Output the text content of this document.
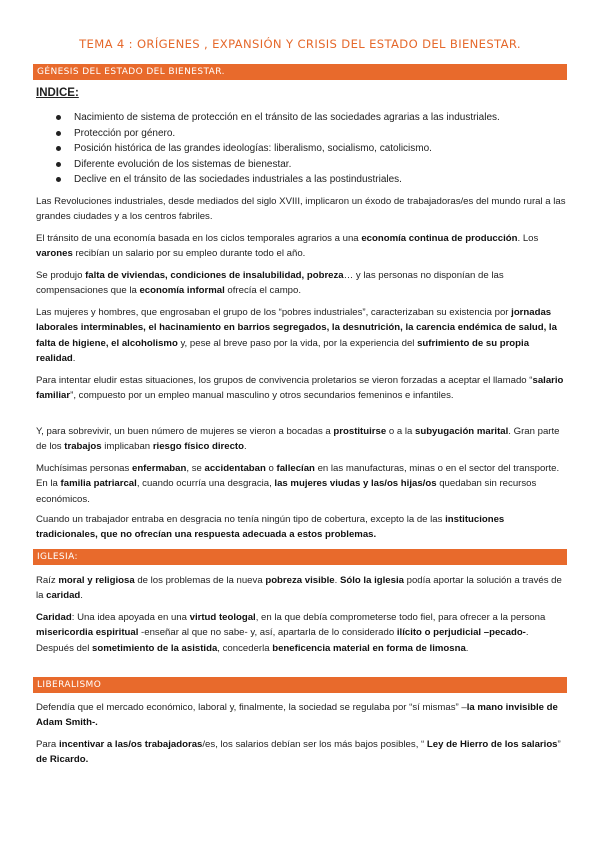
TEMA 4 : ORÍGENES , EXPANSIÓN Y CRISIS DEL ESTADO DEL BIENESTAR.
GÉNESIS DEL ESTADO DEL BIENESTAR.
INDICE:
Nacimiento de sistema de protección en el tránsito de las sociedades agrarias a las industriales.
Protección por género.
Posición histórica de las grandes ideologías: liberalismo, socialismo, catolicismo.
Diferente evolución de los sistemas de bienestar.
Declive en el tránsito de las sociedades industriales a las postindustriales.

Las Revoluciones industriales, desde mediados del siglo XVIII, implicaron un éxodo de trabajadoras/es del mundo rural a las grandes ciudades y a los centros fabriles.

El tránsito de una economía basada en los ciclos temporales agrarios a una economía continua de producción. Los varones recibían un salario por su empleo durante todo el año.

Se produjo falta de viviendas, condiciones de insalubilidad, pobreza… y las personas no disponían de las compensaciones que la economía informal ofrecía el campo.

Las mujeres y hombres, que engrosaban el grupo de los “pobres industriales”, caracterizaban su existencia por jornadas laborales interminables, el hacinamiento en barrios segregados, la desnutrición, la carencia endémica de salud, la falta de higiene, el alcoholismo y, pese al breve paso por la vida, por la experiencia del sufrimiento de su propia realidad.

Para intentar eludir estas situaciones, los grupos de convivencia proletarios se vieron forzadas a aceptar el llamado “salario familiar”, compuesto por un empleo manual masculino y otros secundarios femeninos e infantiles.

Y, para sobrevivir, un buen número de mujeres se vieron a bocadas a prostituirse o a la subyugación marital. Gran parte de los trabajos implicaban riesgo físico directo.

Muchísimas personas enfermaban, se accidentaban o fallecían en las manufacturas, minas o en el sector del transporte. En la familia patriarcal, cuando ocurría una desgracia, las mujeres viudas y las/os hijas/os quedaban sin recursos económicos.

Cuando un trabajador entraba en desgracia no tenía ningún tipo de cobertura, excepto la de las instituciones tradicionales, que no ofrecían una respuesta adecuada a estos problemas.

IGLESIA:

Raíz moral y religiosa de los problemas de la nueva pobreza visible. Sólo la iglesia podía aportar la solución a través de la caridad.

Caridad: Una idea apoyada en una virtud teologal, en la que debía comprometerse todo fiel, para ofrecer a la persona misericordia espiritual -enseñar al que no sabe- y, así, apartarla de lo considerado ilícito o perjudicial –pecado-. Después del sometimiento de la asistida, concederla beneficencia material en forma de limosna.

LIBERALISMO

Defendía que el mercado económico, laboral y, finalmente, la sociedad se regulaba por “sí mismas” –la mano invisible de Adam Smith-.

Para incentivar a las/os trabajadoras/es, los salarios debían ser los más bajos posibles, “ Ley de Hierro de los salarios” de Ricardo.
